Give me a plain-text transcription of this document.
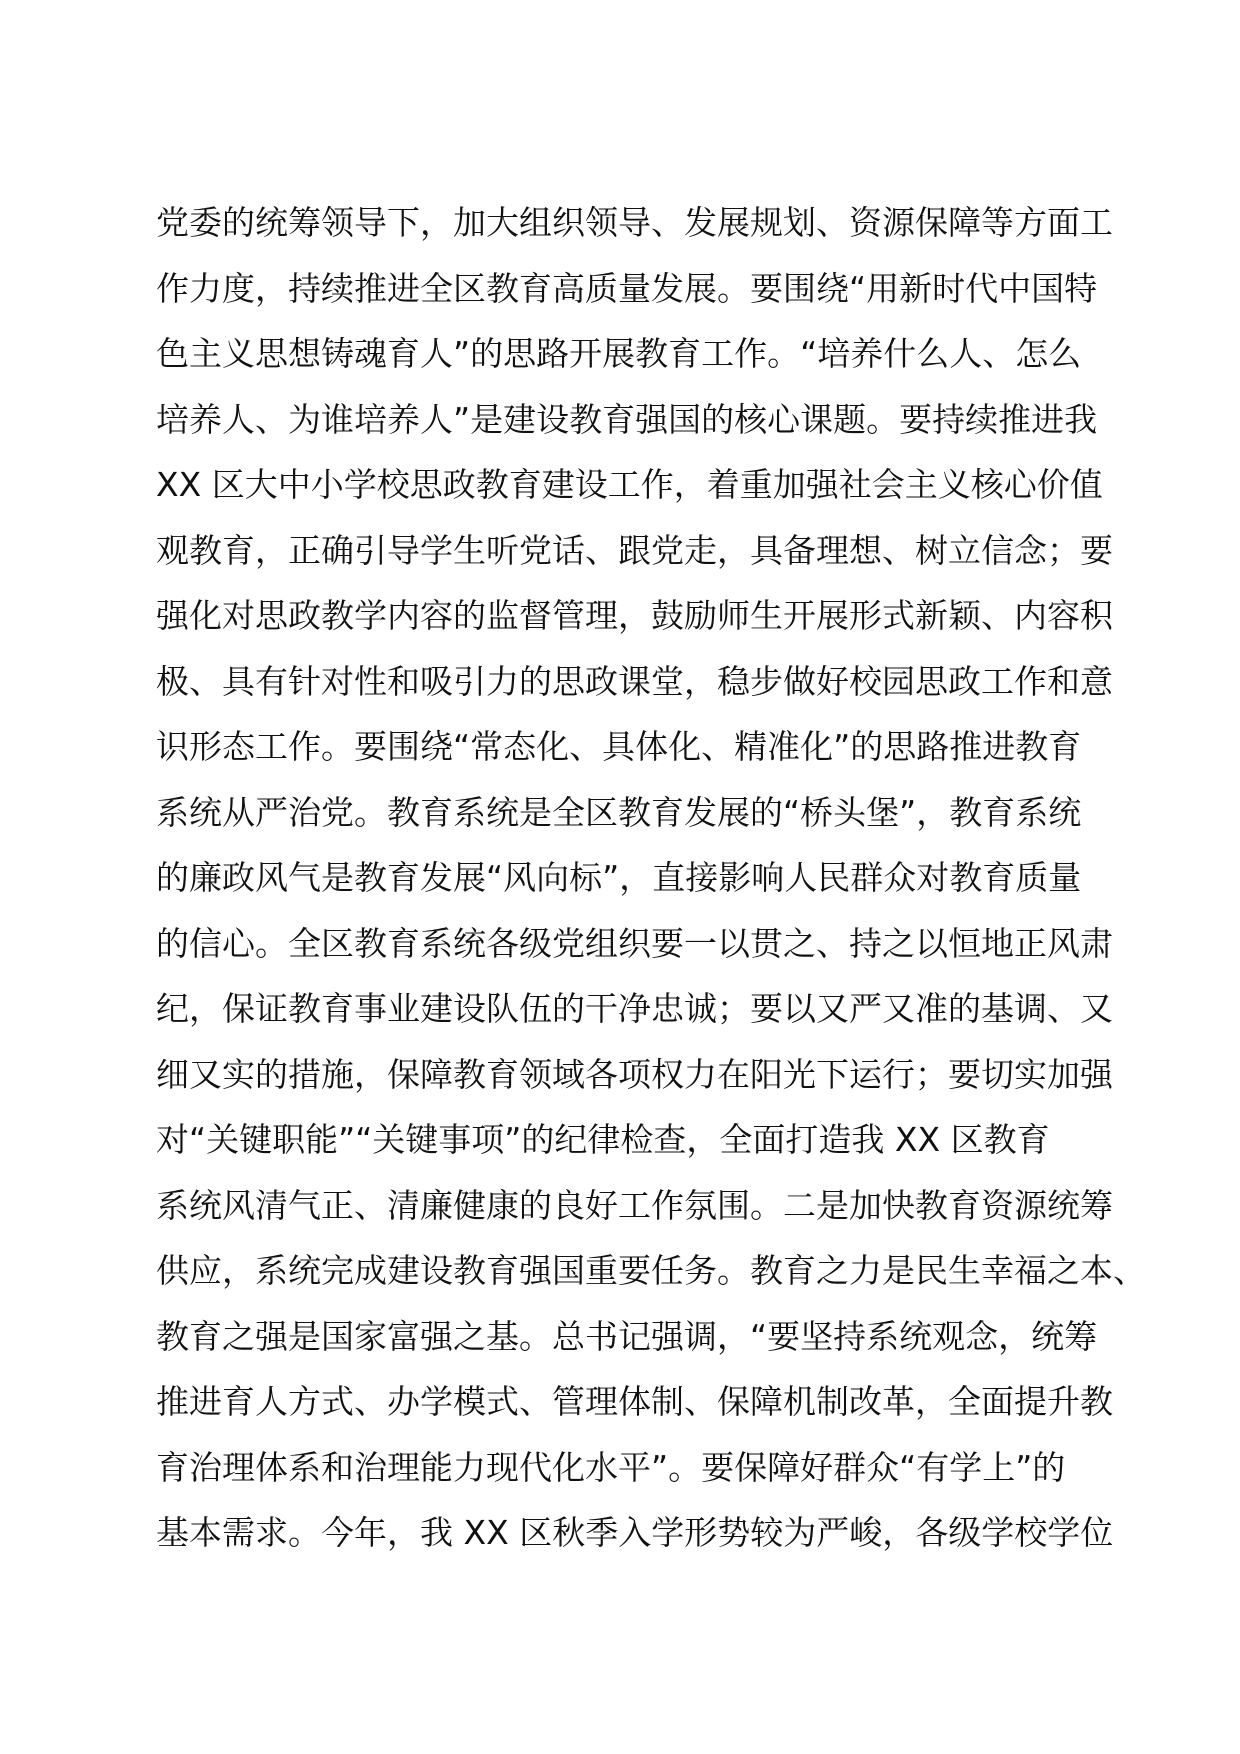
党委的统筹领导下，加大组织领导、发展规划、资源保障等方面工
作力度，持续推进全区教育高质量发展。要围绕“用新时代中国特
色主义思想铸魂育人”的思路开展教育工作。“培养什么人、怎么
培养人、为谁培养人”是建设教育强国的核心课题。要持续推进我
XX 区大中小学校思政教育建设工作，着重加强社会主义核心价值
观教育，正确引导学生听党话、跟党走，具备理想、树立信念；要
强化对思政教学内容的监督管理，鼓励师生开展形式新颖、内容积
极、具有针对性和吸引力的思政课堂，稳步做好校园思政工作和意
识形态工作。要围绕“常态化、具体化、精准化”的思路推进教育
系统从严治党。教育系统是全区教育发展的“桥头堡”，教育系统
的廉政风气是教育发展“风向标”，直接影响人民群众对教育质量
的信心。全区教育系统各级党组织要一以贯之、持之以恒地正风肃
纪，保证教育事业建设队伍的干净忠诚；要以又严又准的基调、又
细又实的措施，保障教育领域各项权力在阳光下运行；要切实加强
对“关键职能”“关键事项”的纪律检查，全面打造我 XX 区教育
系统风清气正、清廉健康的良好工作氛围。二是加快教育资源统筹
供应，系统完成建设教育强国重要任务。教育之力是民生幸福之本、
教育之强是国家富强之基。总书记强调，“要坚持系统观念，统筹
推进育人方式、办学模式、管理体制、保障机制改革，全面提升教
育治理体系和治理能力现代化水平”。要保障好群众“有学上”的
基本需求。今年，我 XX 区秋季入学形势较为严峻，各级学校学位
